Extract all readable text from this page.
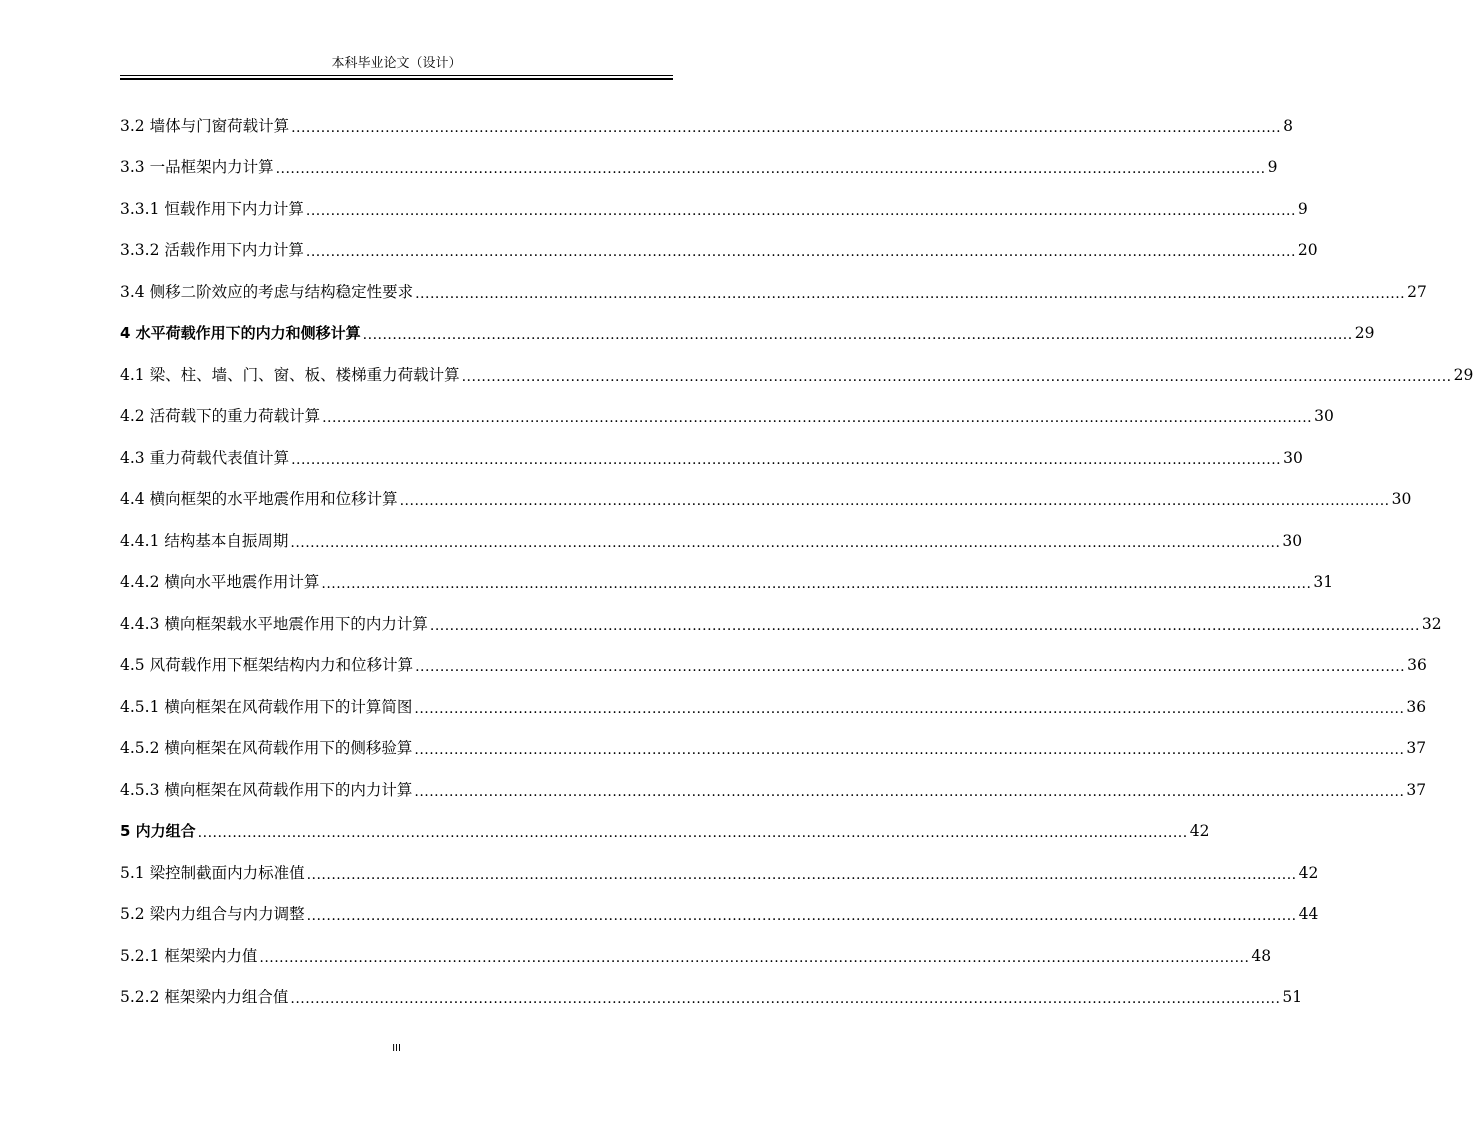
本科毕业论文（设计）
3.2 墙体与门窗荷载计算 ........................................................................................................................................................................................................ 8
3.3 一品框架内力计算 ........................................................................................................................................................................................................ 9
3.3.1 恒载作用下内力计算 ........................................................................................................................................................................................................ 9
3.3.2 活载作用下内力计算 ........................................................................................................................................................................................................ 20
3.4 侧移二阶效应的考虑与结构稳定性要求 ........................................................................................................................................................................................................ 27
4 水平荷载作用下的内力和侧移计算 ........................................................................................................................................................................................................ 29
4.1 梁、柱、墙、门、窗、板、楼梯重力荷载计算 ........................................................................................................................................................................................................ 29
4.2 活荷载下的重力荷载计算 ........................................................................................................................................................................................................ 30
4.3 重力荷载代表值计算 ........................................................................................................................................................................................................ 30
4.4 横向框架的水平地震作用和位移计算 ........................................................................................................................................................................................................ 30
4.4.1 结构基本自振周期 ........................................................................................................................................................................................................ 30
4.4.2 横向水平地震作用计算 ........................................................................................................................................................................................................ 31
4.4.3 横向框架载水平地震作用下的内力计算 ........................................................................................................................................................................................................ 32
4.5 风荷载作用下框架结构内力和位移计算 ........................................................................................................................................................................................................ 36
4.5.1 横向框架在风荷载作用下的计算简图 ........................................................................................................................................................................................................ 36
4.5.2 横向框架在风荷载作用下的侧移验算 ........................................................................................................................................................................................................ 37
4.5.3 横向框架在风荷载作用下的内力计算 ........................................................................................................................................................................................................ 37
5 内力组合 ........................................................................................................................................................................................................ 42
5.1 梁控制截面内力标准值 ........................................................................................................................................................................................................ 42
5.2 梁内力组合与内力调整 ........................................................................................................................................................................................................ 44
5.2.1 框架梁内力值 ........................................................................................................................................................................................................ 48
5.2.2 框架梁内力组合值 ........................................................................................................................................................................................................ 51
III
